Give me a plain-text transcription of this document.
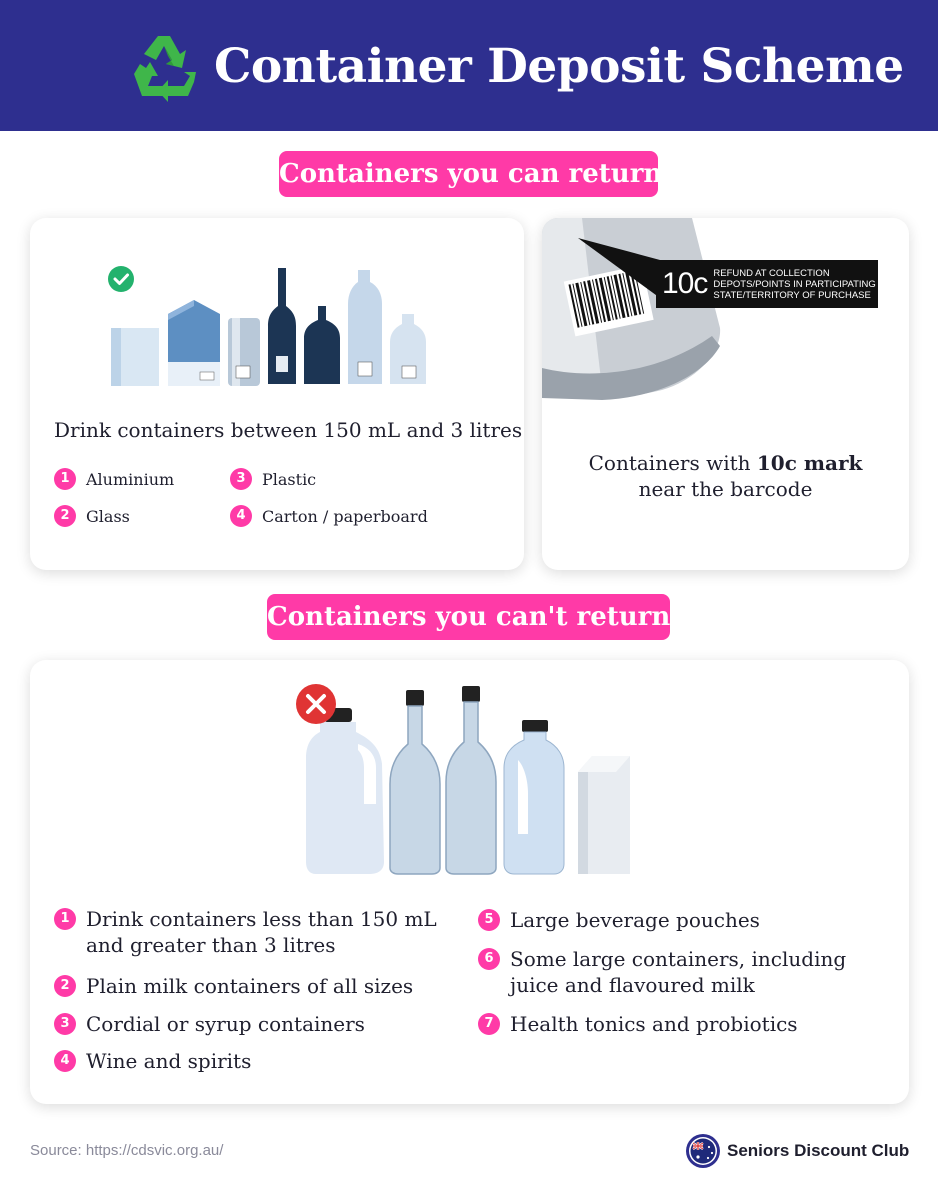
Container Deposit Scheme
Containers you can return
Drink containers between 150 mL and 3 litres
1	Aluminium
2	Glass
3	Plastic
4	Carton / paperboard
10c REFUND AT COLLECTION
DEPOTS/POINTS IN PARTICIPATING
STATE/TERRITORY OF PURCHASE
Containers with 10c mark
near the barcode
Containers you can't return
1 Drink containers less than 150 mL
and greater than 3 litres
2 Plain milk containers of all sizes
3 Cordial or syrup containers
4 Wine and spirits
5 Large beverage pouches
6 Some large containers, including
juice and flavoured milk
7 Health tonics and probiotics
Source: https://cdsvic.org.au/	Seniors Discount Club
